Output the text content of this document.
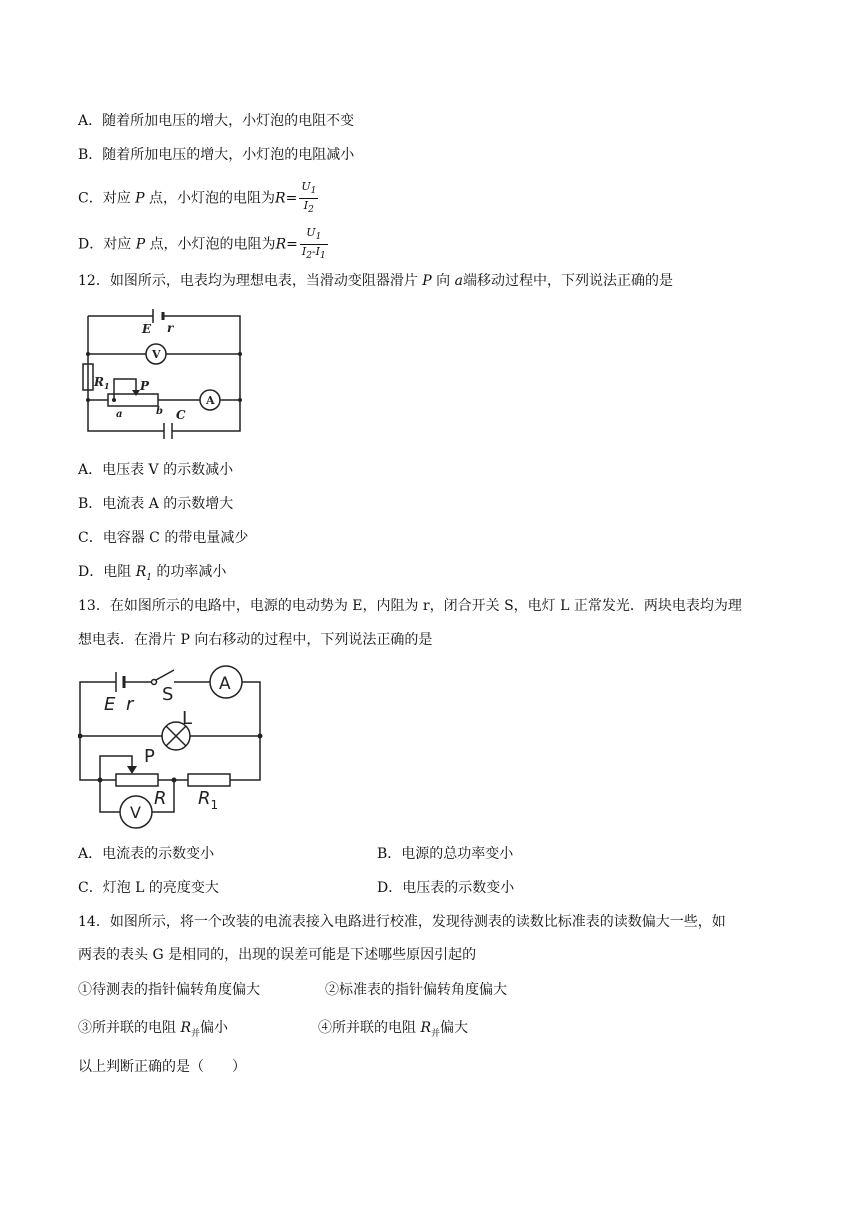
A．随着所加电压的增大，小灯泡的电阻不变
B．随着所加电压的增大，小灯泡的电阻减小
C．对应 P 点，小灯泡的电阻为$R= \frac{U_1}{I_2}$
D．对应 P 点，小灯泡的电阻为$R= \frac{U_1}{I_2-I_1}$
12．如图所示，电表均为理想电表，当滑动变阻器滑片 P 向 a端移动过程中，下列说法正确的是
E r
V
$R_1$	P
A
a	b C
A．电压表 V 的示数减小
B．电流表 A 的示数增大
C．电容器 C 的带电量减少
D．电阻 $R_1$ 的功率减小
13．在如图所示的电路中，电源的电动势为 E，内阻为 r，闭合开关 S，电灯 L 正常发光．两块电表均为理
想电表．在滑片 P 向右移动的过程中，下列说法正确的是
E r S	A
L
P
V
R $R_1$
A．电流表的示数变小	B．电源的总功率变小
C．灯泡 L 的亮度变大	D．电压表的示数变小
14．如图所示，将一个改装的电流表接入电路进行校准，发现待测表的读数比标准表的读数偏大一些，如
两表的表头 G 是相同的，出现的误差可能是下述哪些原因引起的
①待测表的指针偏转角度偏大	②标准表的指针偏转角度偏大
③所并联的电阻 $R_并$偏小	④所并联的电阻 $R_并$偏大
以上判断正确的是（　　）
